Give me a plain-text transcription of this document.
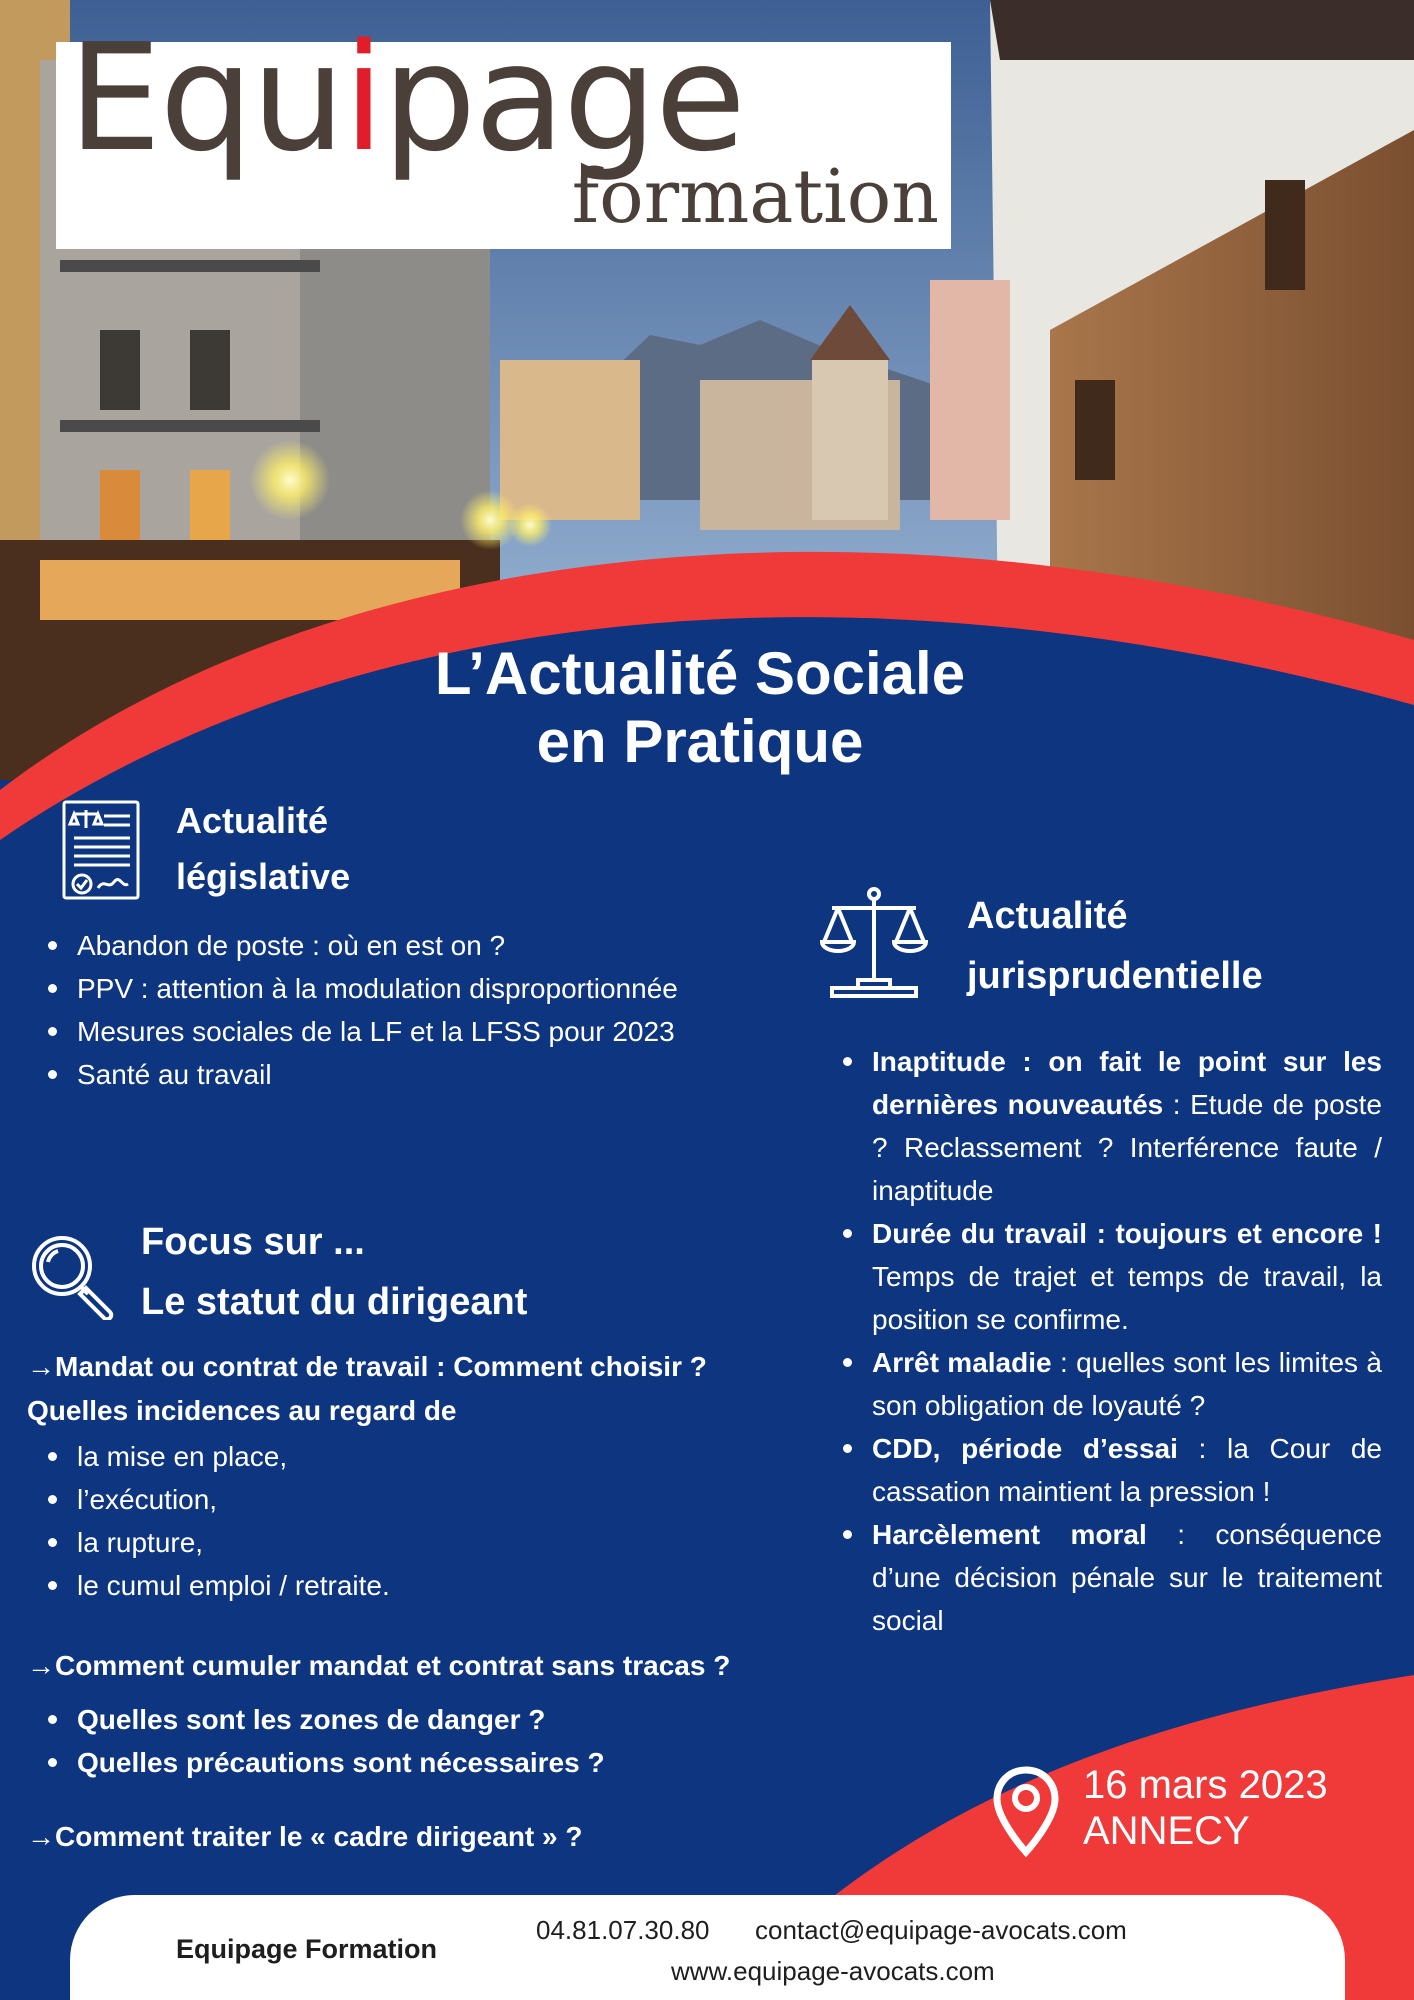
Equipage
formation
L’Actualité Sociale
en Pratique
Actualité
législative
Abandon de poste : où en est on ?
PPV : attention à la modulation disproportionnée
Mesures sociales de la LF et la LFSS pour 2023
Santé au travail
Actualité
jurisprudentielle
Inaptitude : on fait le point sur les dernières nouveautés : Etude de poste ? Reclassement ? Interférence faute / inaptitude
Durée du travail : toujours et encore ! Temps de trajet et temps de travail, la position se confirme.
Arrêt maladie : quelles sont les limites à son obligation de loyauté ?
CDD, période d’essai : la Cour de cassation maintient la pression !
Harcèlement moral : conséquence d’une décision pénale sur le traitement social
Focus sur ...
Le statut du dirigeant
→Mandat ou contrat de travail : Comment choisir ?
Quelles incidences au regard de
la mise en place,
l’exécution,
la rupture,
le cumul emploi / retraite.
→Comment cumuler mandat et contrat sans tracas ?
Quelles sont les zones de danger ?
Quelles précautions sont nécessaires ?
→Comment traiter le « cadre dirigeant » ?
16 mars 2023
ANNECY
Equipage Formation
04.81.07.30.80 contact@equipage-avocats.com
www.equipage-avocats.com
